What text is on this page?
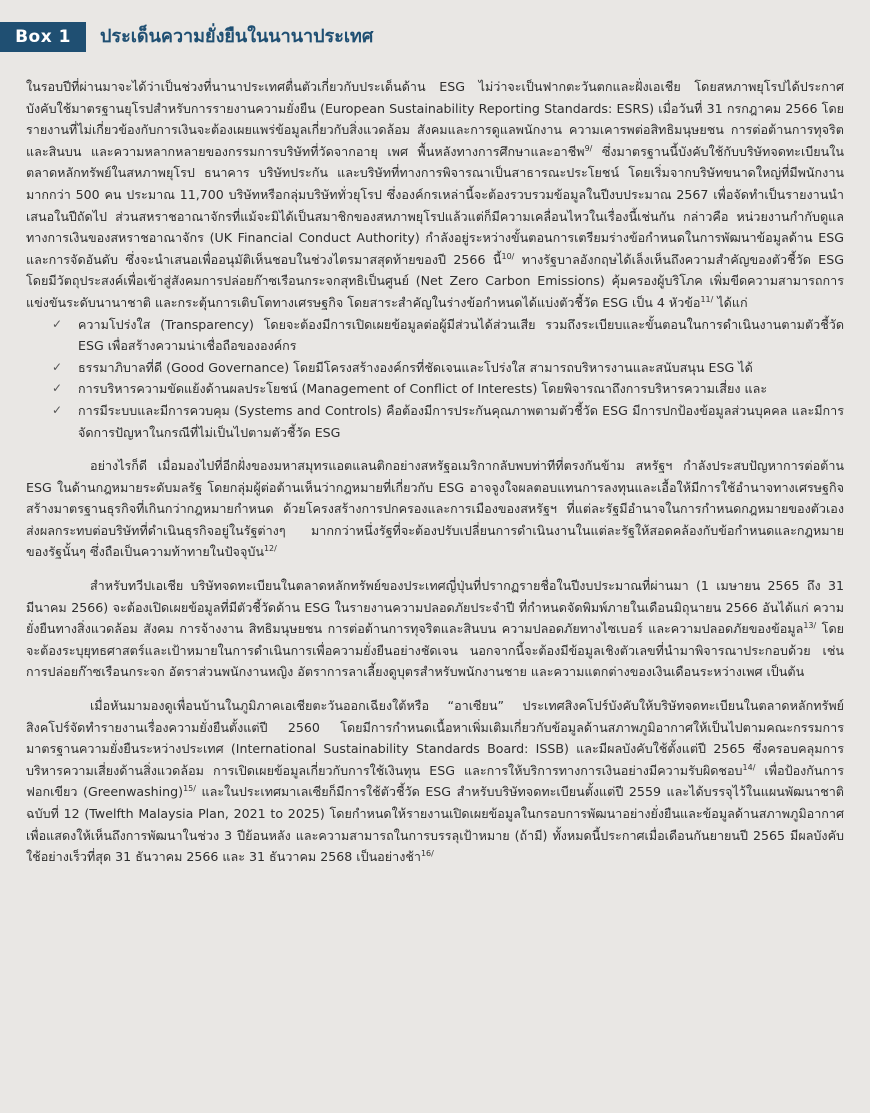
Box 1	ประเด็นความยั่งยืนในนานาประเทศ

ในรอบปีที่ผ่านมาจะได้ว่าเป็นช่วงที่นานาประเทศตื่นตัวเกี่ยวกับประเด็นด้าน ESG ไม่ว่าจะเป็นฟากตะวันตกและฝั่งเอเชีย โดยสหภาพยุโรปได้ประกาศบังคับใช้มาตรฐานยุโรปสำหรับการรายงานความยั่งยืน (European Sustainability Reporting Standards: ESRS) เมื่อวันที่ 31 กรกฎาคม 2566 โดยรายงานที่ไม่เกี่ยวข้องกับการเงินจะต้องเผยแพร่ข้อมูลเกี่ยวกับสิ่งแวดล้อม สังคมและการดูแลพนักงาน ความเคารพต่อสิทธิมนุษยชน การต่อต้านการทุจริตและสินบน และความหลากหลายของกรรมการบริษัทที่วัดจากอายุ เพศ พื้นหลังทางการศึกษาและอาชีพ$^{9/}$ ซึ่งมาตรฐานนี้บังคับใช้กับบริษัทจดทะเบียนในตลาดหลักทรัพย์ในสหภาพยุโรป ธนาคาร บริษัทประกัน และบริษัทที่ทางการพิจารณาเป็นสาธารณะประโยชน์ โดยเริ่มจากบริษัทขนาดใหญ่ที่มีพนักงานมากกว่า 500 คน ประมาณ 11,700 บริษัทหรือกลุ่มบริษัททั่วยุโรป ซึ่งองค์กรเหล่านี้จะต้องรวบรวมข้อมูลในปีงบประมาณ 2567 เพื่อจัดทำเป็นรายงานนำเสนอในปีถัดไป ส่วนสหราชอาณาจักรที่แม้จะมิได้เป็นสมาชิกของสหภาพยุโรปแล้วแต่ก็มีความเคลื่อนไหวในเรื่องนี้เช่นกัน กล่าวคือ หน่วยงานกำกับดูแลทางการเงินของสหราชอาณาจักร (UK Financial Conduct Authority) กำลังอยู่ระหว่างขั้นตอนการเตรียมร่างข้อกำหนดในการพัฒนาข้อมูลด้าน ESG และการจัดอันดับ ซึ่งจะนำเสนอเพื่ออนุมัติเห็นชอบในช่วงไตรมาสสุดท้ายของปี 2566 นี้$^{10/}$ ทางรัฐบาลอังกฤษได้เล็งเห็นถึงความสำคัญของตัวชี้วัด ESG โดยมีวัตถุประสงค์เพื่อเข้าสู่สังคมการปล่อยก๊าซเรือนกระจกสุทธิเป็นศูนย์ (Net Zero Carbon Emissions) คุ้มครองผู้บริโภค เพิ่มขีดความสามารถการแข่งขันระดับนานาชาติ และกระตุ้นการเติบโตทางเศรษฐกิจ โดยสาระสำคัญในร่างข้อกำหนดได้แบ่งตัวชี้วัด ESG เป็น 4 หัวข้อ$^{11/}$ ได้แก่

✓ ความโปร่งใส (Transparency) โดยจะต้องมีการเปิดเผยข้อมูลต่อผู้มีส่วนได้ส่วนเสีย รวมถึงระเบียบและขั้นตอนในการดำเนินงานตามตัวชี้วัด ESG เพื่อสร้างความน่าเชื่อถือขององค์กร
✓ ธรรมาภิบาลที่ดี (Good Governance) โดยมีโครงสร้างองค์กรที่ชัดเจนและโปร่งใส สามารถบริหารงานและสนับสนุน ESG ได้
✓ การบริหารความขัดแย้งด้านผลประโยชน์ (Management of Conflict of Interests) โดยพิจารณาถึงการบริหารความเสี่ยง และ
✓ การมีระบบและมีการควบคุม (Systems and Controls) คือต้องมีการประกันคุณภาพตามตัวชี้วัด ESG มีการปกป้องข้อมูลส่วนบุคคล และมีการจัดการปัญหาในกรณีที่ไม่เป็นไปตามตัวชี้วัด ESG

อย่างไรก็ดี เมื่อมองไปที่อีกฝั่งของมหาสมุทรแอตแลนติกอย่างสหรัฐอเมริกากลับพบท่าทีที่ตรงกันข้าม สหรัฐฯ กำลังประสบปัญหาการต่อต้าน ESG ในด้านกฎหมายระดับมลรัฐ โดยกลุ่มผู้ต่อต้านเห็นว่ากฎหมายที่เกี่ยวกับ ESG อาจจูงใจผลตอบแทนการลงทุนและเอื้อให้มีการใช้อำนาจทางเศรษฐกิจสร้างมาตรฐานธุรกิจที่เกินกว่ากฎหมายกำหนด ด้วยโครงสร้างการปกครองและการเมืองของสหรัฐฯ ที่แต่ละรัฐมีอำนาจในการกำหนดกฎหมายของตัวเอง ส่งผลกระทบต่อบริษัทที่ดำเนินธุรกิจอยู่ในรัฐต่างๆ มากกว่าหนึ่งรัฐที่จะต้องปรับเปลี่ยนการดำเนินงานในแต่ละรัฐให้สอดคล้องกับข้อกำหนดและกฎหมายของรัฐนั้นๆ ซึ่งถือเป็นความท้าทายในปัจจุบัน$^{12/}$

สำหรับทวีปเอเชีย บริษัทจดทะเบียนในตลาดหลักทรัพย์ของประเทศญี่ปุ่นที่ปรากฏรายชื่อในปีงบประมาณที่ผ่านมา (1 เมษายน 2565 ถึง 31 มีนาคม 2566) จะต้องเปิดเผยข้อมูลที่มีตัวชี้วัดด้าน ESG ในรายงานความปลอดภัยประจำปี ที่กำหนดจัดพิมพ์ภายในเดือนมิถุนายน 2566 อันได้แก่ ความยั่งยืนทางสิ่งแวดล้อม สังคม การจ้างงาน สิทธิมนุษยชน การต่อต้านการทุจริตและสินบน ความปลอดภัยทางไซเบอร์ และความปลอดภัยของข้อมูล$^{13/}$ โดยจะต้องระบุยุทธศาสตร์และเป้าหมายในการดำเนินการเพื่อความยั่งยืนอย่างชัดเจน นอกจากนี้จะต้องมีข้อมูลเชิงตัวเลขที่นำมาพิจารณาประกอบด้วย เช่น การปล่อยก๊าซเรือนกระจก อัตราส่วนพนักงานหญิง อัตราการลาเลี้ยงดูบุตรสำหรับพนักงานชาย และความแตกต่างของเงินเดือนระหว่างเพศ เป็นต้น

เมื่อหันมามองดูเพื่อนบ้านในภูมิภาคเอเชียตะวันออกเฉียงใต้หรือ “อาเซียน” ประเทศสิงคโปร์บังคับให้บริษัทจดทะเบียนในตลาดหลักทรัพย์สิงคโปร์จัดทำรายงานเรื่องความยั่งยืนตั้งแต่ปี 2560 โดยมีการกำหนดเนื้อหาเพิ่มเติมเกี่ยวกับข้อมูลด้านสภาพภูมิอากาศให้เป็นไปตามคณะกรรมการมาตรฐานความยั่งยืนระหว่างประเทศ (International Sustainability Standards Board: ISSB) และมีผลบังคับใช้ตั้งแต่ปี 2565 ซึ่งครอบคลุมการบริหารความเสี่ยงด้านสิ่งแวดล้อม การเปิดเผยข้อมูลเกี่ยวกับการใช้เงินทุน ESG และการให้บริการทางการเงินอย่างมีความรับผิดชอบ$^{14/}$ เพื่อป้องกันการฟอกเขียว (Greenwashing)$^{15/}$ และในประเทศมาเลเซียก็มีการใช้ตัวชี้วัด ESG สำหรับบริษัทจดทะเบียนตั้งแต่ปี 2559 และได้บรรจุไว้ในแผนพัฒนาชาติ ฉบับที่ 12 (Twelfth Malaysia Plan, 2021 to 2025) โดยกำหนดให้รายงานเปิดเผยข้อมูลในกรอบการพัฒนาอย่างยั่งยืนและข้อมูลด้านสภาพภูมิอากาศ เพื่อแสดงให้เห็นถึงการพัฒนาในช่วง 3 ปีย้อนหลัง และความสามารถในการบรรลุเป้าหมาย (ถ้ามี) ทั้งหมดนี้ประกาศเมื่อเดือนกันยายนปี 2565 มีผลบังคับใช้อย่างเร็วที่สุด 31 ธันวาคม 2566 และ 31 ธันวาคม 2568 เป็นอย่างช้า$^{16/}$
